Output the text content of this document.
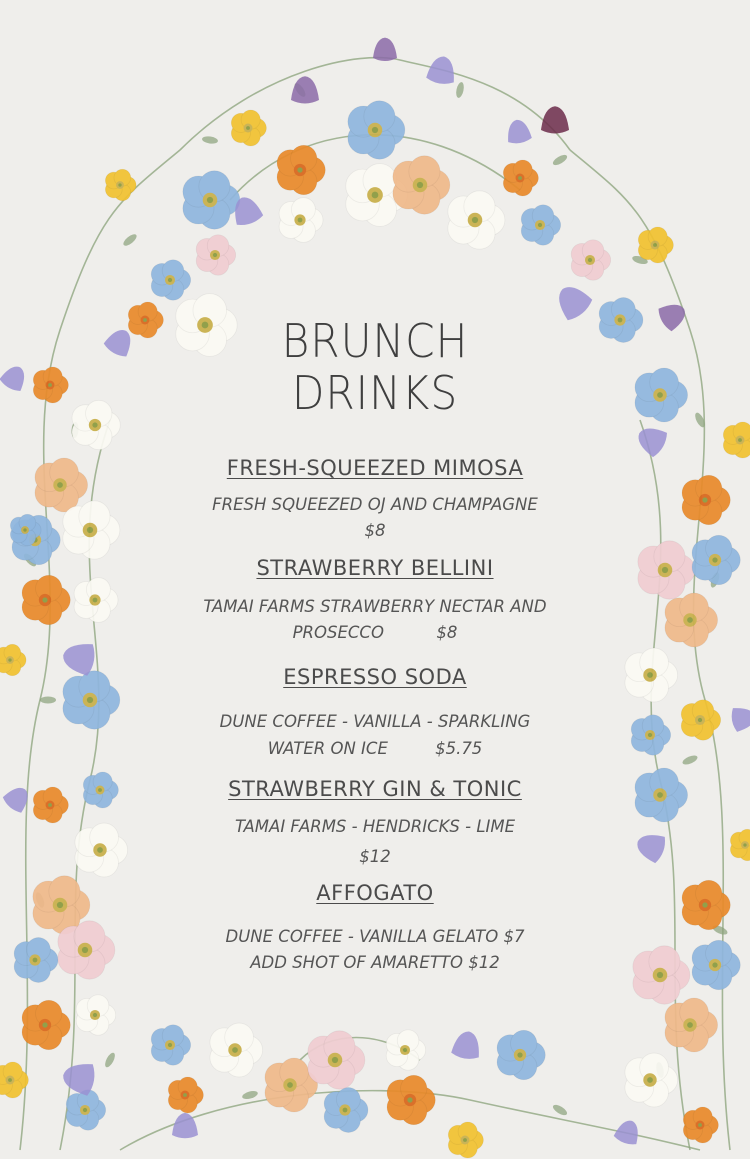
BRUNCH
DRINKS
FRESH-SQUEEZED MIMOSA
FRESH SQUEEZED OJ AND CHAMPAGNE
$8
STRAWBERRY BELLINI
TAMAI FARMS STRAWBERRY NECTAR AND
PROSECCO          $8
ESPRESSO SODA
DUNE COFFEE - VANILLA - SPARKLING
WATER ON ICE         $5.75
STRAWBERRY GIN & TONIC
TAMAI FARMS - HENDRICKS - LIME
$12
AFFOGATO
DUNE COFFEE - VANILLA GELATO $7
ADD SHOT OF AMARETTO $12
